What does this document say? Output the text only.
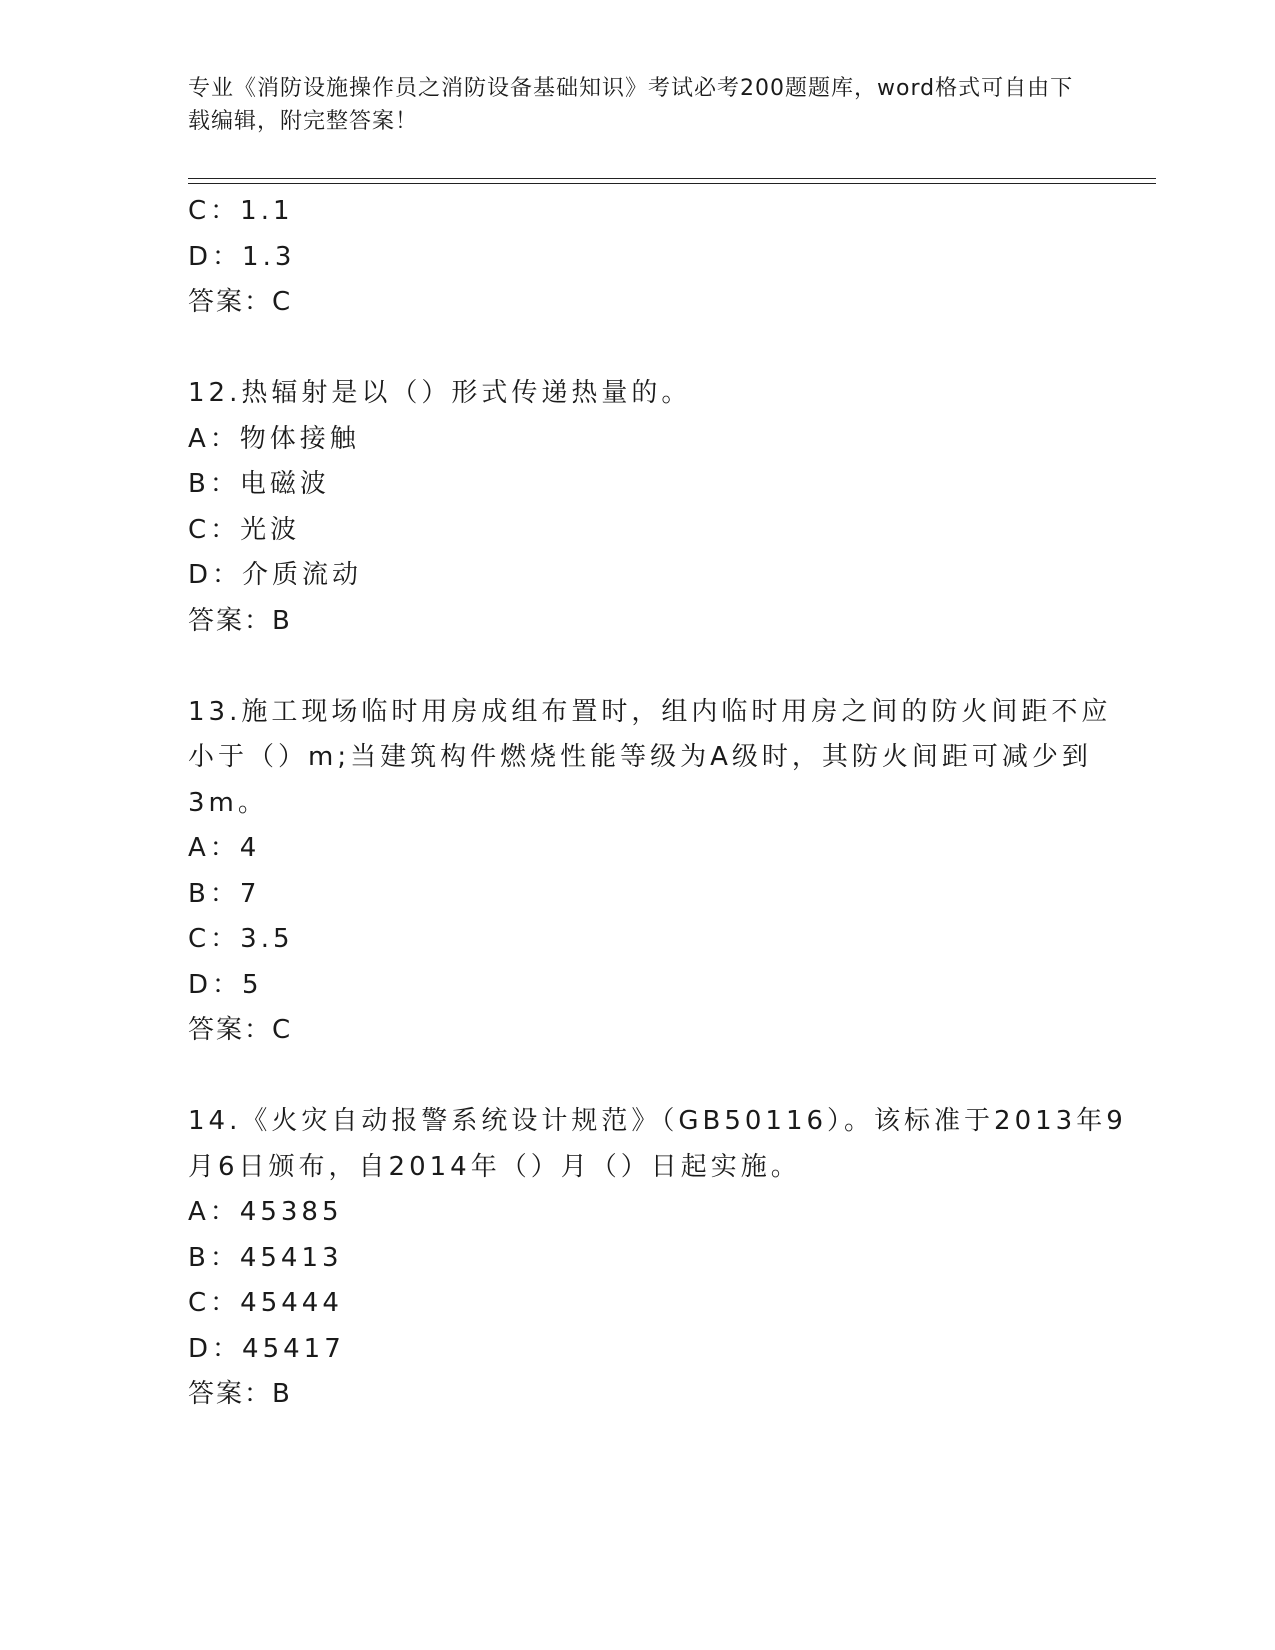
专业《消防设施操作员之消防设备基础知识》考试必考200题题库，word格式可自由下载编辑，附完整答案！
C：1.1
D：1.3
答案：C
12.热辐射是以（）形式传递热量的。
A：物体接触
B：电磁波
C：光波
D：介质流动
答案：B
13.施工现场临时用房成组布置时，组内临时用房之间的防火间距不应
小于（）m;当建筑构件燃烧性能等级为A级时，其防火间距可减少到
3m。
A：4
B：7
C：3.5
D：5
答案：C
14.《火灾自动报警系统设计规范》（GB50116）。该标准于2013年9
月6日颁布，自2014年（）月（）日起实施。
A：45385
B：45413
C：45444
D：45417
答案：B
